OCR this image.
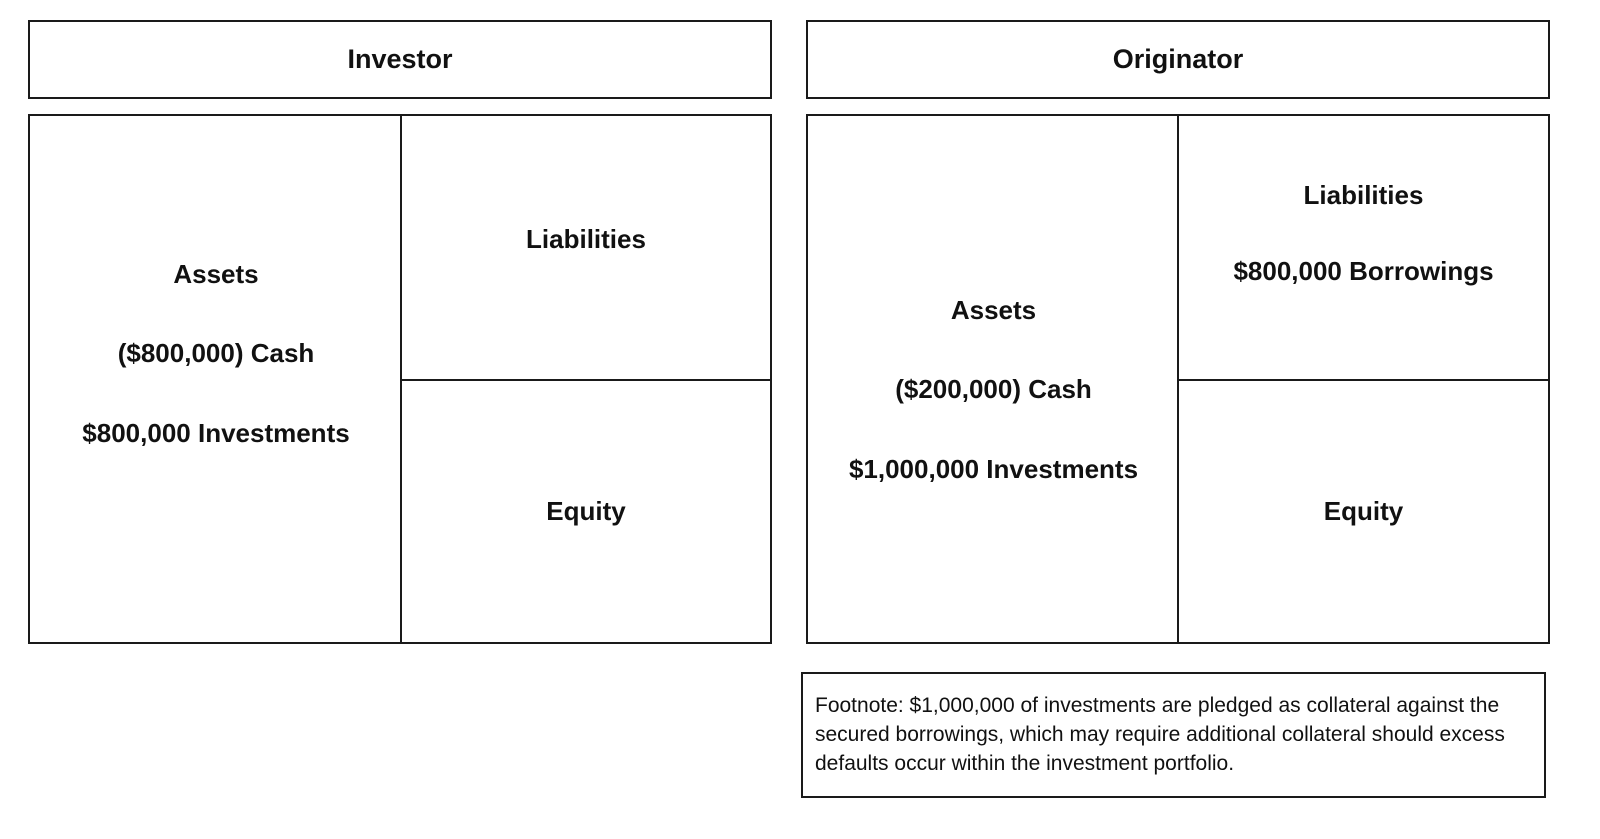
Investor
Assets
($800,000) Cash
$800,000 Investments
Liabilities
Equity
Originator
Assets
($200,000) Cash
$1,000,000 Investments
Liabilities
$800,000 Borrowings
Equity
Footnote: $1,000,000 of investments are pledged as collateral against the secured borrowings, which may require additional collateral should excess defaults occur within the investment portfolio.
